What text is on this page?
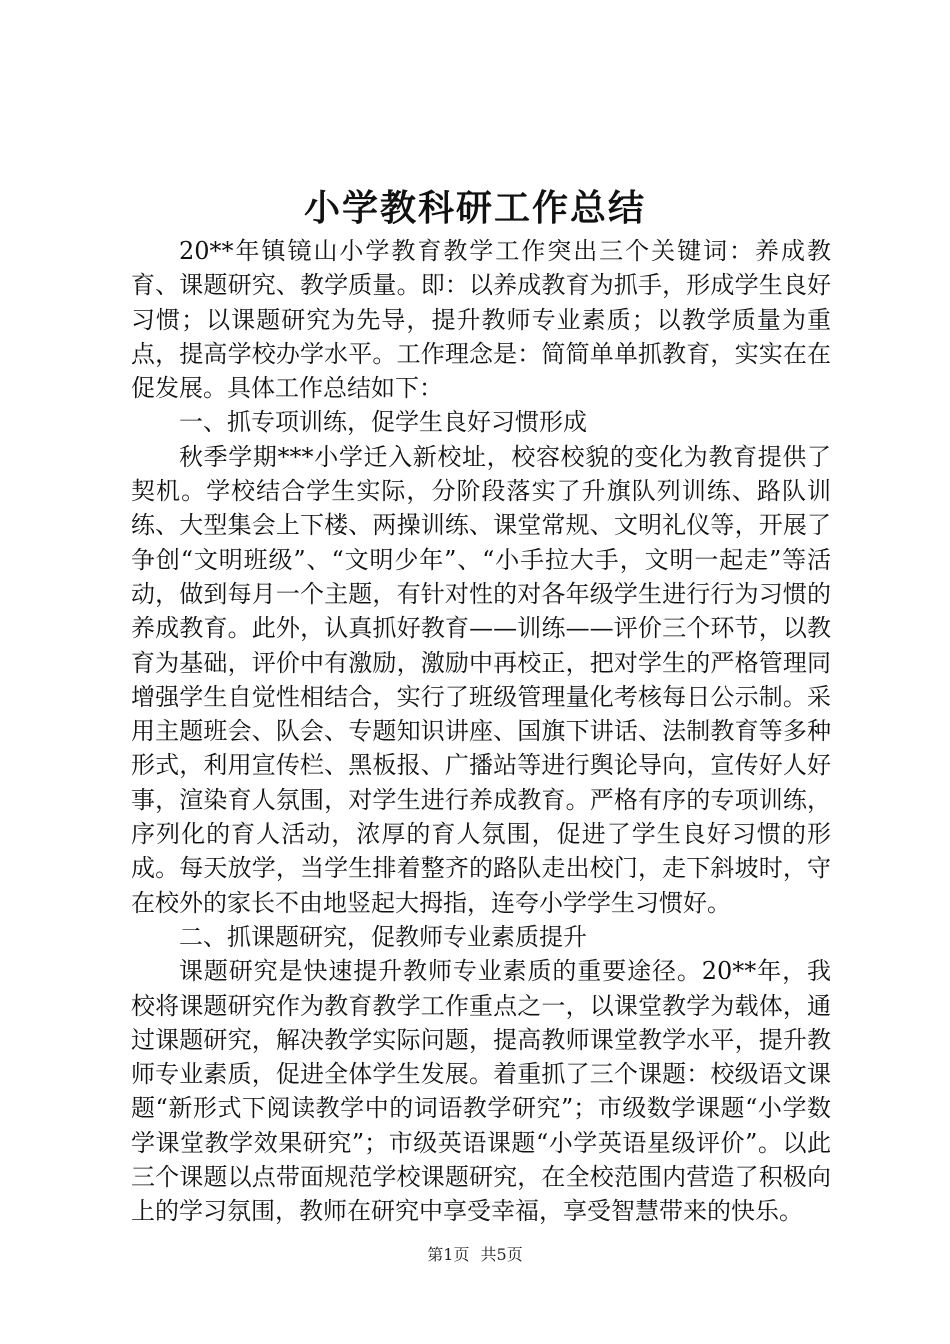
小学教科研工作总结

20**年镇镜山小学教育教学工作突出三个关键词：养成教育、课题研究、教学质量。即：以养成教育为抓手，形成学生良好习惯；以课题研究为先导，提升教师专业素质；以教学质量为重点，提高学校办学水平。工作理念是：简简单单抓教育，实实在在促发展。具体工作总结如下：

一、抓专项训练，促学生良好习惯形成

秋季学期***小学迁入新校址，校容校貌的变化为教育提供了契机。学校结合学生实际，分阶段落实了升旗队列训练、路队训练、大型集会上下楼、两操训练、课堂常规、文明礼仪等，开展了争创“文明班级”、“文明少年”、“小手拉大手，文明一起走”等活动，做到每月一个主题，有针对性的对各年级学生进行行为习惯的养成教育。此外，认真抓好教育——训练——评价三个环节，以教育为基础，评价中有激励，激励中再校正，把对学生的严格管理同增强学生自觉性相结合，实行了班级管理量化考核每日公示制。采用主题班会、队会、专题知识讲座、国旗下讲话、法制教育等多种形式，利用宣传栏、黑板报、广播站等进行舆论导向，宣传好人好事，渲染育人氛围，对学生进行养成教育。严格有序的专项训练，序列化的育人活动，浓厚的育人氛围，促进了学生良好习惯的形成。每天放学，当学生排着整齐的路队走出校门，走下斜坡时，守在校外的家长不由地竖起大拇指，连夸小学学生习惯好。

二、抓课题研究，促教师专业素质提升

课题研究是快速提升教师专业素质的重要途径。20**年，我校将课题研究作为教育教学工作重点之一，以课堂教学为载体，通过课题研究，解决教学实际问题，提高教师课堂教学水平，提升教师专业素质，促进全体学生发展。着重抓了三个课题：校级语文课题“新形式下阅读教学中的词语教学研究”；市级数学课题“小学数学课堂教学效果研究”；市级英语课题“小学英语星级评价”。以此三个课题以点带面规范学校课题研究，在全校范围内营造了积极向上的学习氛围，教师在研究中享受幸福，享受智慧带来的快乐。

第1页 共5页
